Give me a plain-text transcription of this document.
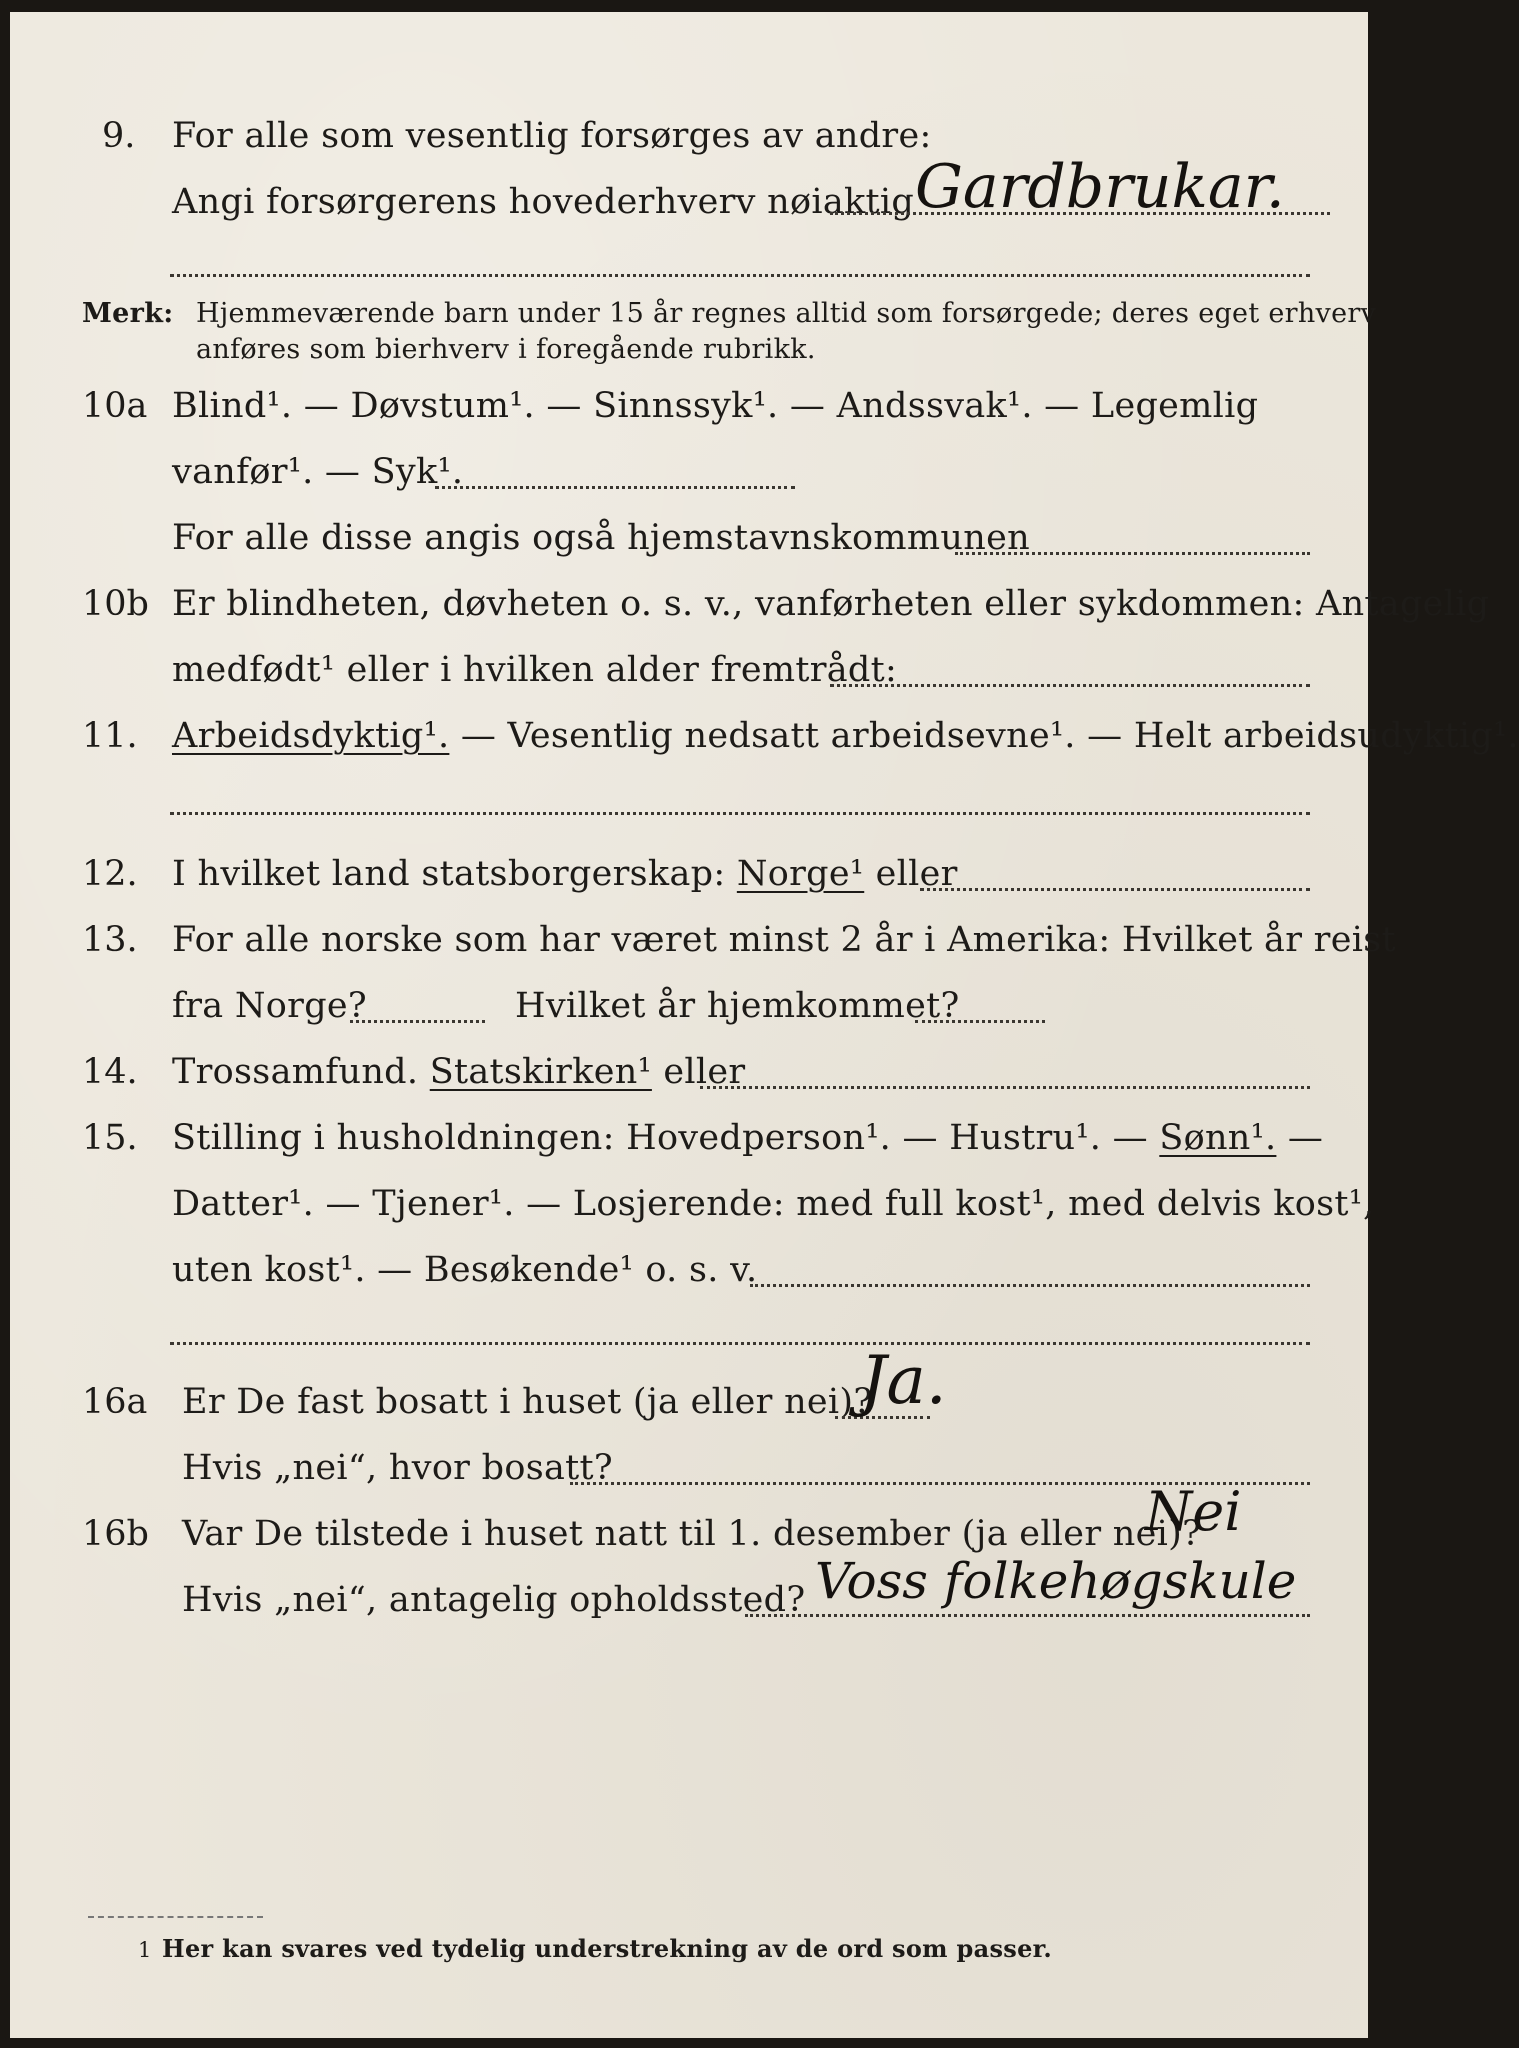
9. For alle som vesentlig forsørges av andre:
Angi forsørgerens hovederhverv nøiaktig Gardbrukar.
Merk: Hjemmeværende barn under 15 år regnes alltid som forsørgede; deres eget erhverv
anføres som bierhverv i foregående rubrikk.
10a Blind¹. — Døvstum¹. — Sinnssyk¹. — Andssvak¹. — Legemlig
vanfør¹. — Syk¹.
For alle disse angis også hjemstavnskommunen
10b Er blindheten, døvheten o. s. v., vanførheten eller sykdommen: Antagelig
medfødt¹ eller i hvilken alder fremtrådt:
11. Arbeidsdyktig¹. — Vesentlig nedsatt arbeidsevne¹. — Helt arbeidsudyktig¹.
12. I hvilket land statsborgerskap: Norge¹ eller
13. For alle norske som har været minst 2 år i Amerika: Hvilket år reist
fra Norge?	Hvilket år hjemkommet?
14. Trossamfund. Statskirken¹ eller
15. Stilling i husholdningen: Hovedperson¹. — Hustru¹. — Sønn¹. —
Datter¹. — Tjener¹. — Losjerende: med full kost¹, med delvis kost¹,
uten kost¹. — Besøkende¹ o. s. v.
16a Er De fast bosatt i huset (ja eller nei)?
Ja.
Hvis „nei“, hvor bosatt?
16b Var De tilstede i huset natt til 1. desember (ja eller nei)?
Nei
Hvis „nei“, antagelig opholdssted? Voss folkehøgskule
1 Her kan svares ved tydelig understrekning av de ord som passer.
